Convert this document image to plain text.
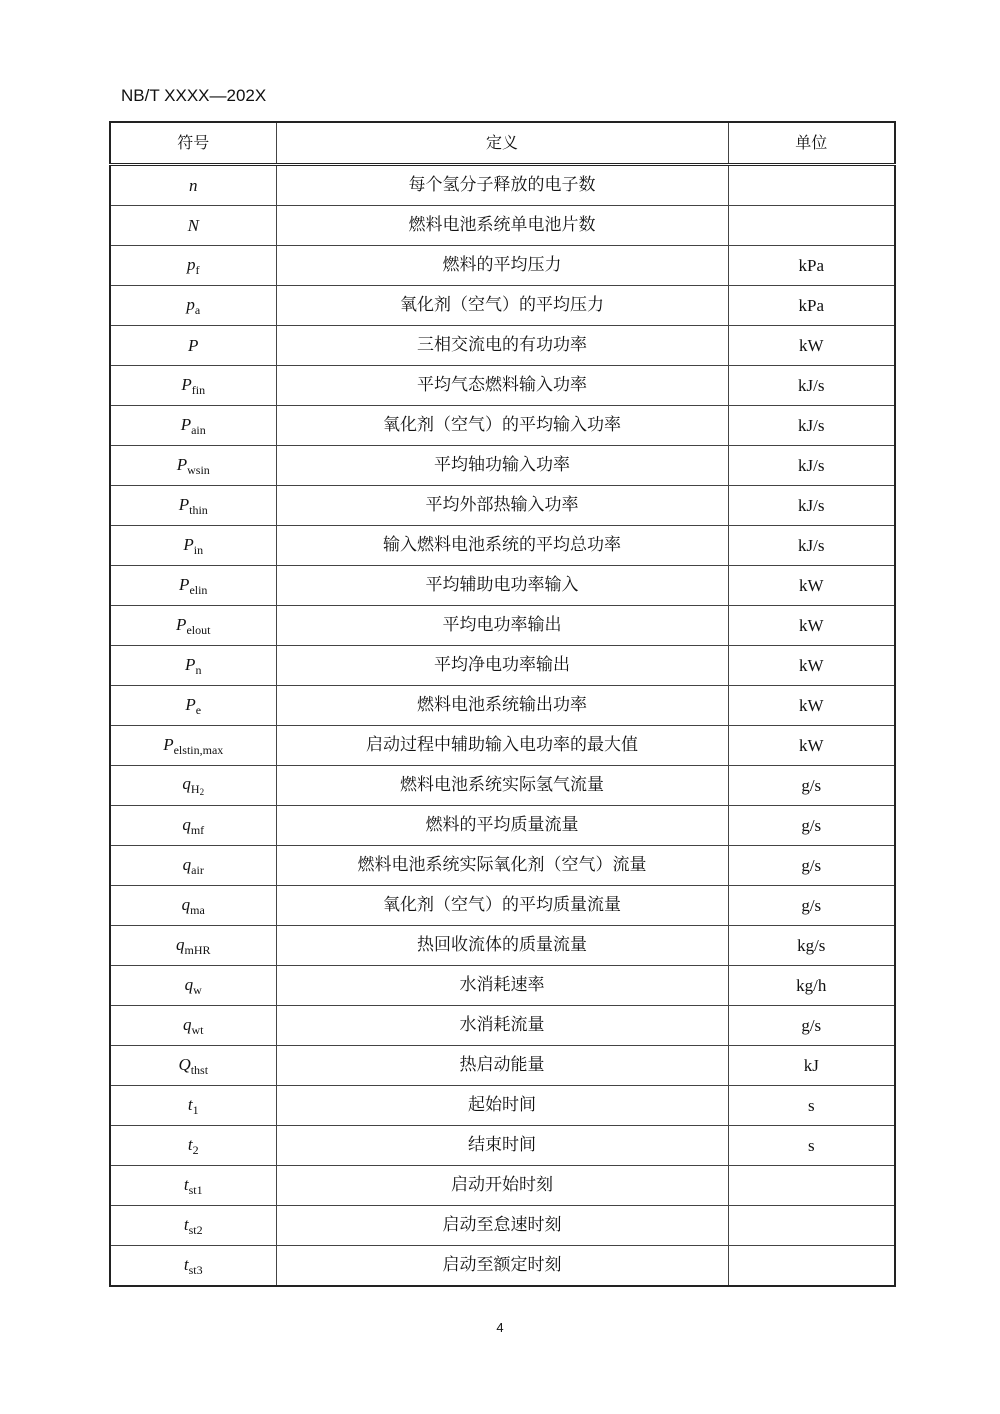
NB/T XXXX—202X
符号	定义	单位
n	每个氢分子释放的电子数	
N	燃料电池系统单电池片数	
$p_f$	燃料的平均压力	kPa
$p_a$	氧化剂（空气）的平均压力	kPa
P	三相交流电的有功功率	kW
$P_{fin}$	平均气态燃料输入功率	kJ/s
$P_{ain}$	氧化剂（空气）的平均输入功率	kJ/s
$P_{wsin}$	平均轴功输入功率	kJ/s
$P_{thin}$	平均外部热输入功率	kJ/s
$P_{in}$	输入燃料电池系统的平均总功率	kJ/s
$P_{elin}$	平均辅助电功率输入	kW
$P_{elout}$	平均电功率输出	kW
$P_n$	平均净电功率输出	kW
$P_e$	燃料电池系统输出功率	kW
$P_{elstin,max}$	启动过程中辅助输入电功率的最大值	kW
$q_{H_2}$	燃料电池系统实际氢气流量	g/s
$q_{mf}$	燃料的平均质量流量	g/s
$q_{air}$	燃料电池系统实际氧化剂（空气）流量	g/s
$q_{ma}$	氧化剂（空气）的平均质量流量	g/s
$q_{mHR}$	热回收流体的质量流量	kg/s
$q_w$	水消耗速率	kg/h
$q_{wt}$	水消耗流量	g/s
$Q_{thst}$	热启动能量	kJ
$t_1$	起始时间	s
$t_2$	结束时间	s
$t_{st1}$	启动开始时刻	
$t_{st2}$	启动至怠速时刻	
$t_{st3}$	启动至额定时刻	
4
